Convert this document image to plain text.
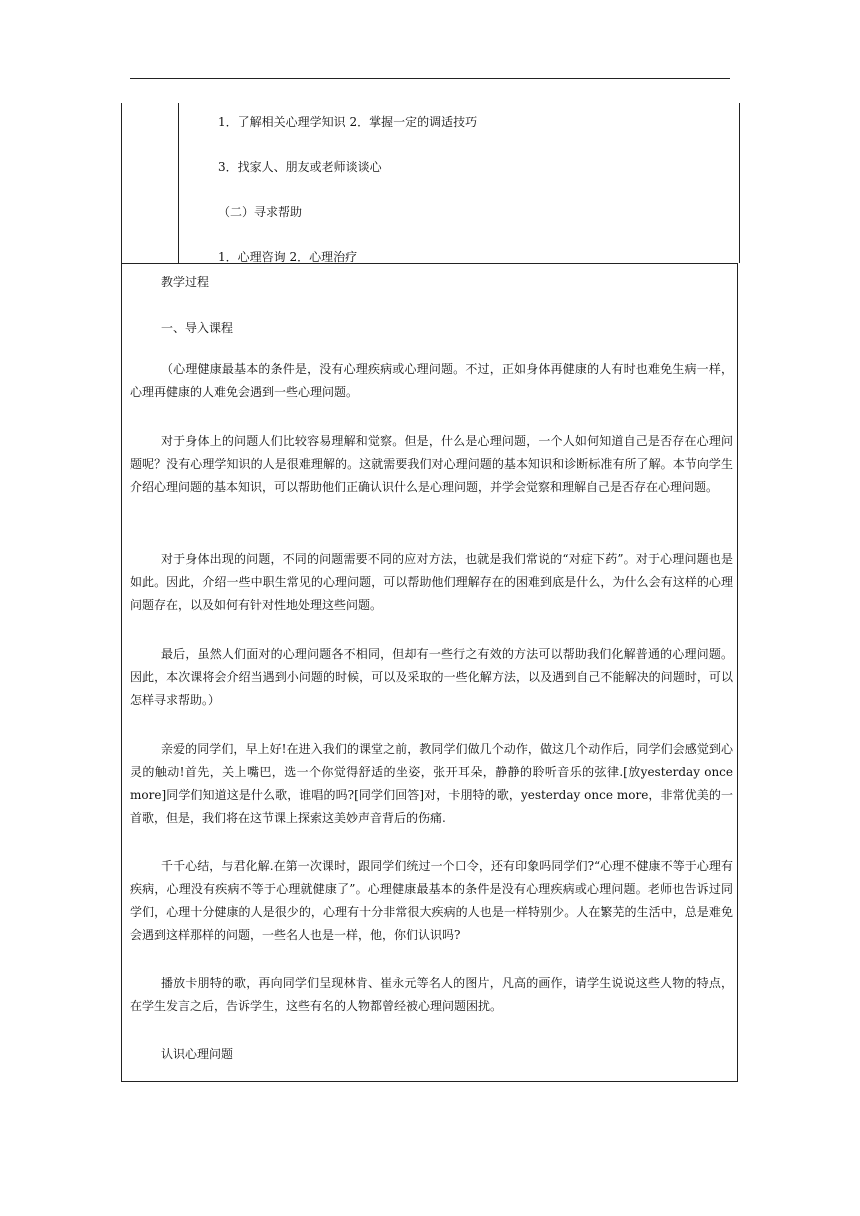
1．了解相关心理学知识 2．掌握一定的调适技巧
3．找家人、朋友或老师谈谈心
（二）寻求帮助
1．心理咨询 2．心理治疗
教学过程
一、导入课程
（心理健康最基本的条件是，没有心理疾病或心理问题。不过，正如身体再健康的人有时也难免生病一样，心理再健康的人难免会遇到一些心理问题。
对于身体上的问题人们比较容易理解和觉察。但是，什么是心理问题，一个人如何知道自己是否存在心理问题呢？没有心理学知识的人是很难理解的。这就需要我们对心理问题的基本知识和诊断标准有所了解。本节向学生介绍心理问题的基本知识，可以帮助他们正确认识什么是心理问题，并学会觉察和理解自己是否存在心理问题。
对于身体出现的问题，不同的问题需要不同的应对方法，也就是我们常说的“对症下药”。对于心理问题也是如此。因此，介绍一些中职生常见的心理问题，可以帮助他们理解存在的困难到底是什么，为什么会有这样的心理问题存在，以及如何有针对性地处理这些问题。
最后，虽然人们面对的心理问题各不相同，但却有一些行之有效的方法可以帮助我们化解普通的心理问题。因此，本次课将会介绍当遇到小问题的时候，可以及采取的一些化解方法，以及遇到自己不能解决的问题时，可以怎样寻求帮助。）
亲爱的同学们，早上好!在进入我们的课堂之前，教同学们做几个动作，做这几个动作后，同学们会感觉到心灵的触动!首先，关上嘴巴，选一个你觉得舒适的坐姿，张开耳朵，静静的聆听音乐的弦律.[放yesterday once more]同学们知道这是什么歌，谁唱的吗?[同学们回答]对，卡朋特的歌，yesterday once more，非常优美的一首歌，但是，我们将在这节课上探索这美妙声音背后的伤痛.
千千心结，与君化解.在第一次课时，跟同学们统过一个口令，还有印象吗同学们?“心理不健康不等于心理有疾病，心理没有疾病不等于心理就健康了”。心理健康最基本的条件是没有心理疾病或心理问题。老师也告诉过同学们，心理十分健康的人是很少的，心理有十分非常很大疾病的人也是一样特别少。人在繁芜的生活中，总是难免会遇到这样那样的问题，一些名人也是一样，他，你们认识吗?
播放卡朋特的歌，再向同学们呈现林肯、崔永元等名人的图片，凡高的画作，请学生说说这些人物的特点，在学生发言之后，告诉学生，这些有名的人物都曾经被心理问题困扰。
认识心理问题
